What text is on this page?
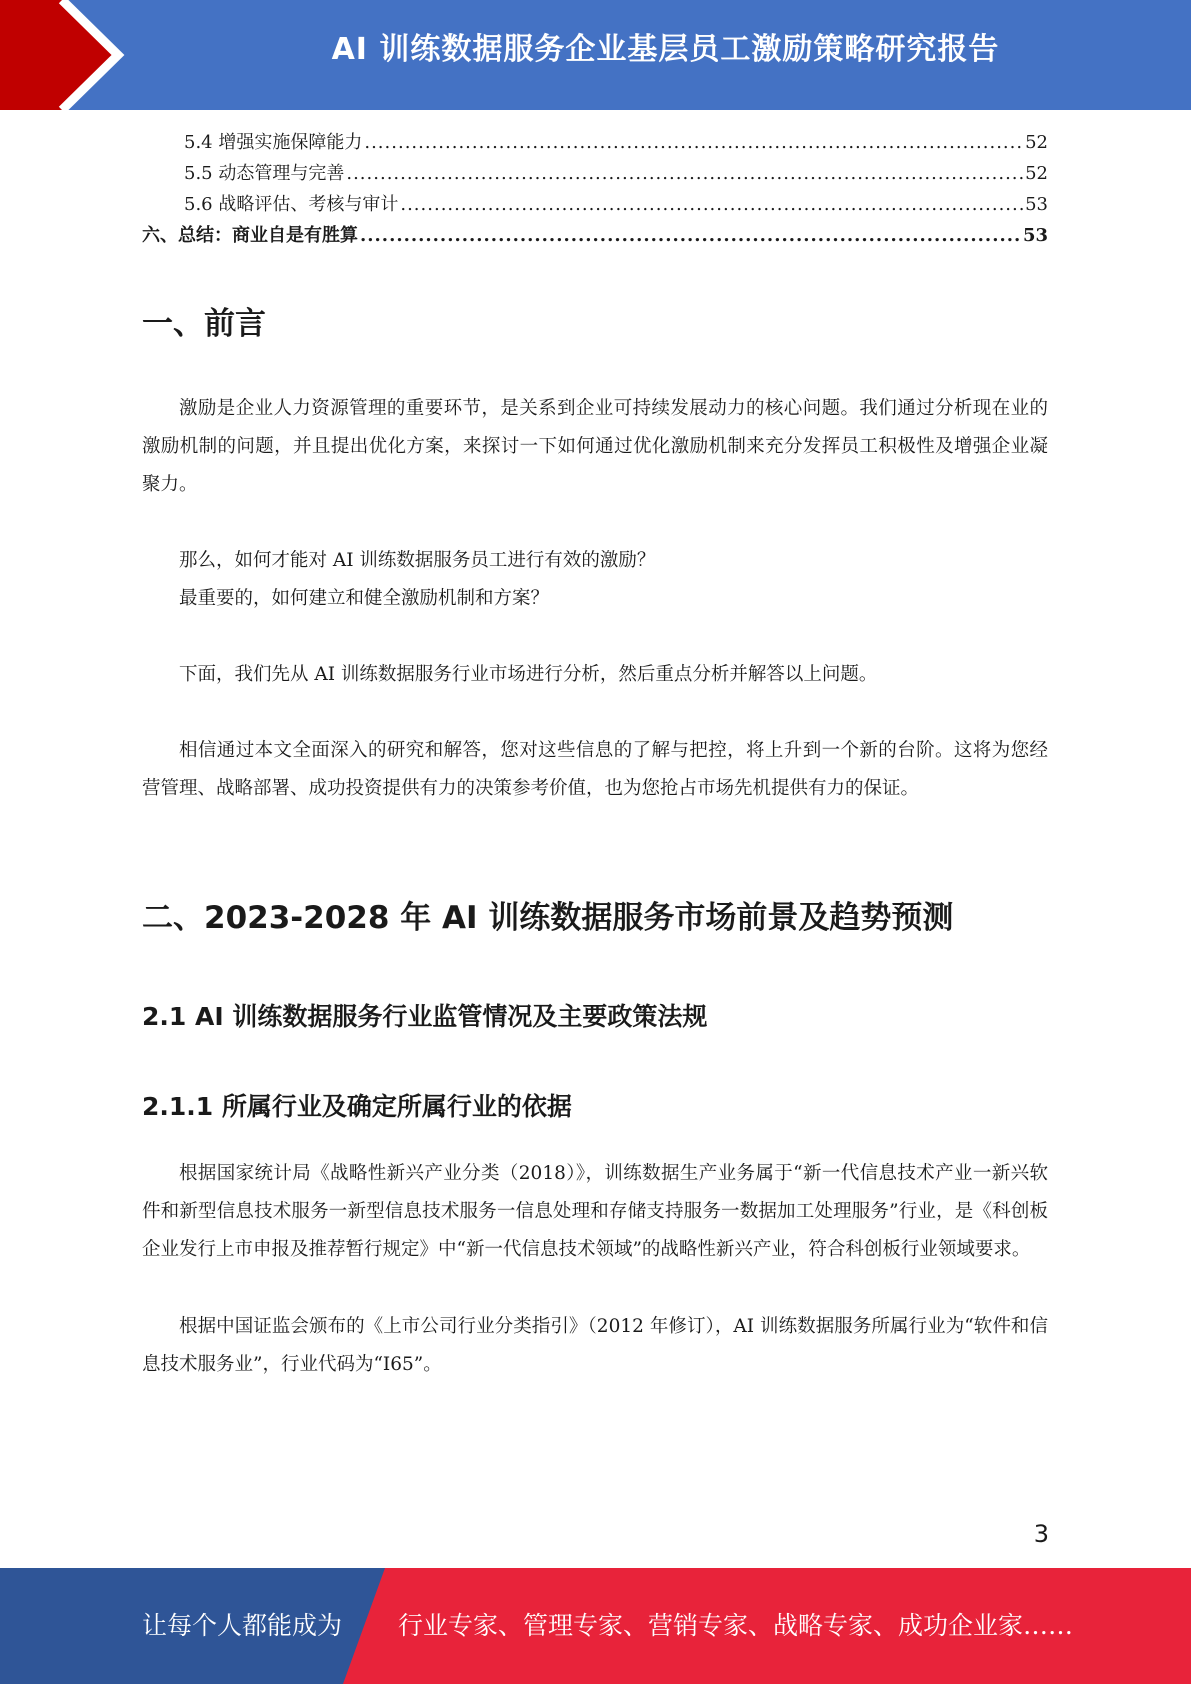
AI 训练数据服务企业基层员工激励策略研究报告
5.4 增强实施保障能力 .....	52
5.5 动态管理与完善 .....	52
5.6 战略评估、考核与审计 .....	53
六、总结：商业自是有胜算 .....	53
一、前言

激励是企业人力资源管理的重要环节，是关系到企业可持续发展动力的核心问题。我们通过分析现在业的激励机制的问题，并且提出优化方案，来探讨一下如何通过优化激励机制来充分发挥员工积极性及增强企业凝聚力。

那么，如何才能对 AI 训练数据服务员工进行有效的激励？

最重要的，如何建立和健全激励机制和方案？

下面，我们先从 AI 训练数据服务行业市场进行分析，然后重点分析并解答以上问题。

相信通过本文全面深入的研究和解答，您对这些信息的了解与把控，将上升到一个新的台阶。这将为您经营管理、战略部署、成功投资提供有力的决策参考价值，也为您抢占市场先机提供有力的保证。

二、2023-2028 年 AI 训练数据服务市场前景及趋势预测
2.1 AI 训练数据服务行业监管情况及主要政策法规
2.1.1 所属行业及确定所属行业的依据

根据国家统计局《战略性新兴产业分类（2018）》，训练数据生产业务属于“新一代信息技术产业一新兴软件和新型信息技术服务一新型信息技术服务一信息处理和存储支持服务一数据加工处理服务”行业，是《科创板企业发行上市申报及推荐暂行规定》中“新一代信息技术领域”的战略性新兴产业，符合科创板行业领域要求。

根据中国证监会颁布的《上市公司行业分类指引》（2012 年修订），AI 训练数据服务所属行业为“软件和信息技术服务业”，行业代码为“I65”。

3
让每个人都能成为 行业专家、管理专家、营销专家、战略专家、成功企业家……
